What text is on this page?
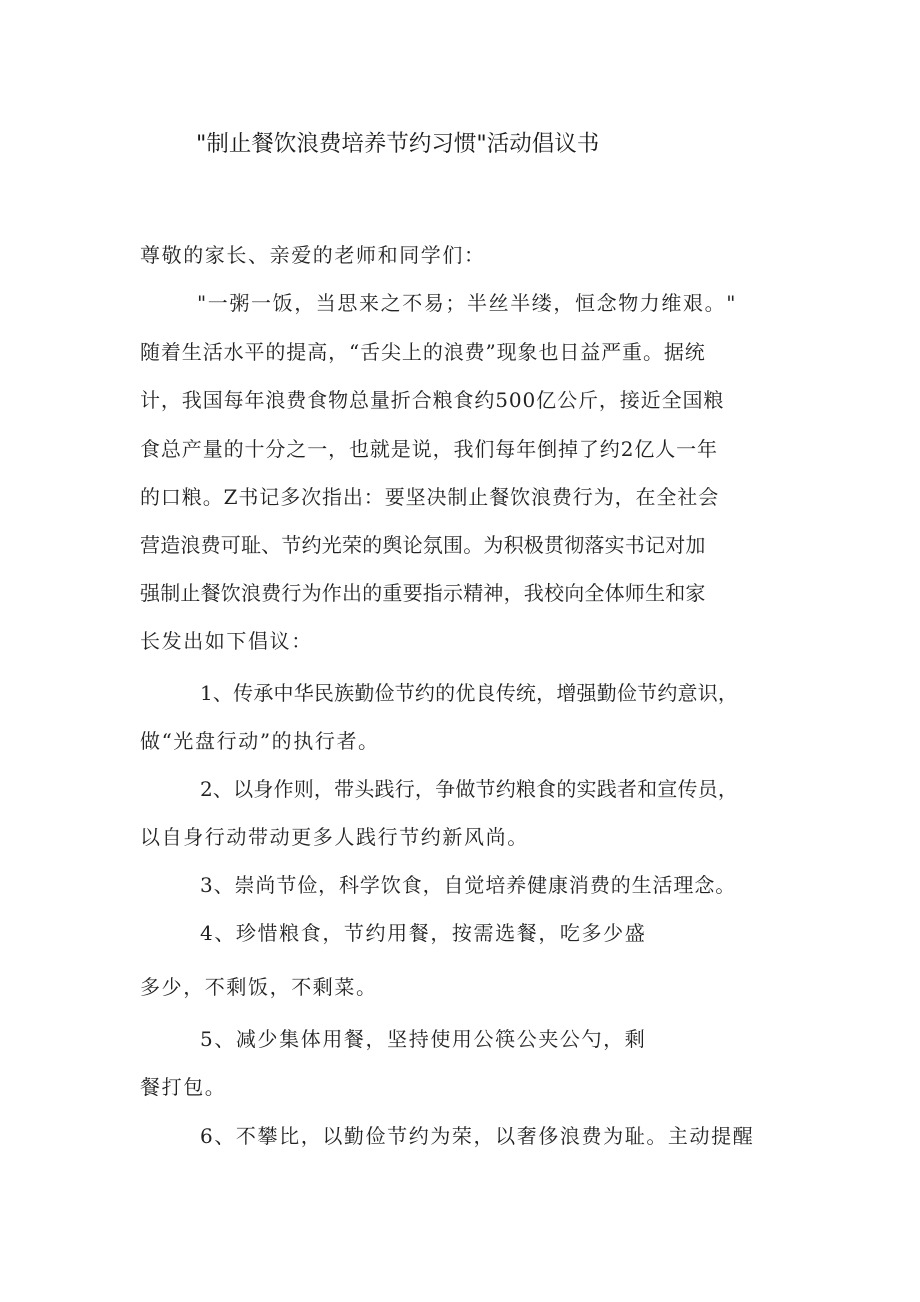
"制止餐饮浪费培养节约习惯"活动倡议书
尊敬的家长、亲爱的老师和同学们：
"一粥一饭，当思来之不易；半丝半缕，恒念物力维艰。"
随着生活水平的提高，“舌尖上的浪费”现象也日益严重。据统
计，我国每年浪费食物总量折合粮食约500亿公斤，接近全国粮
食总产量的十分之一，也就是说，我们每年倒掉了约2亿人一年
的口粮。Z书记多次指出：要坚决制止餐饮浪费行为，在全社会
营造浪费可耻、节约光荣的舆论氛围。为积极贯彻落实书记对加
强制止餐饮浪费行为作出的重要指示精神，我校向全体师生和家
长发出如下倡议：
1、传承中华民族勤俭节约的优良传统，增强勤俭节约意识，
做“光盘行动”的执行者。
2、以身作则，带头践行，争做节约粮食的实践者和宣传员，
以自身行动带动更多人践行节约新风尚。
3、崇尚节俭，科学饮食，自觉培养健康消费的生活理念。
4、珍惜粮食，节约用餐，按需选餐，吃多少盛
多少，不剩饭，不剩菜。
5、减少集体用餐，坚持使用公筷公夹公勺，剩
餐打包。
6、不攀比，以勤俭节约为荣，以奢侈浪费为耻。主动提醒
